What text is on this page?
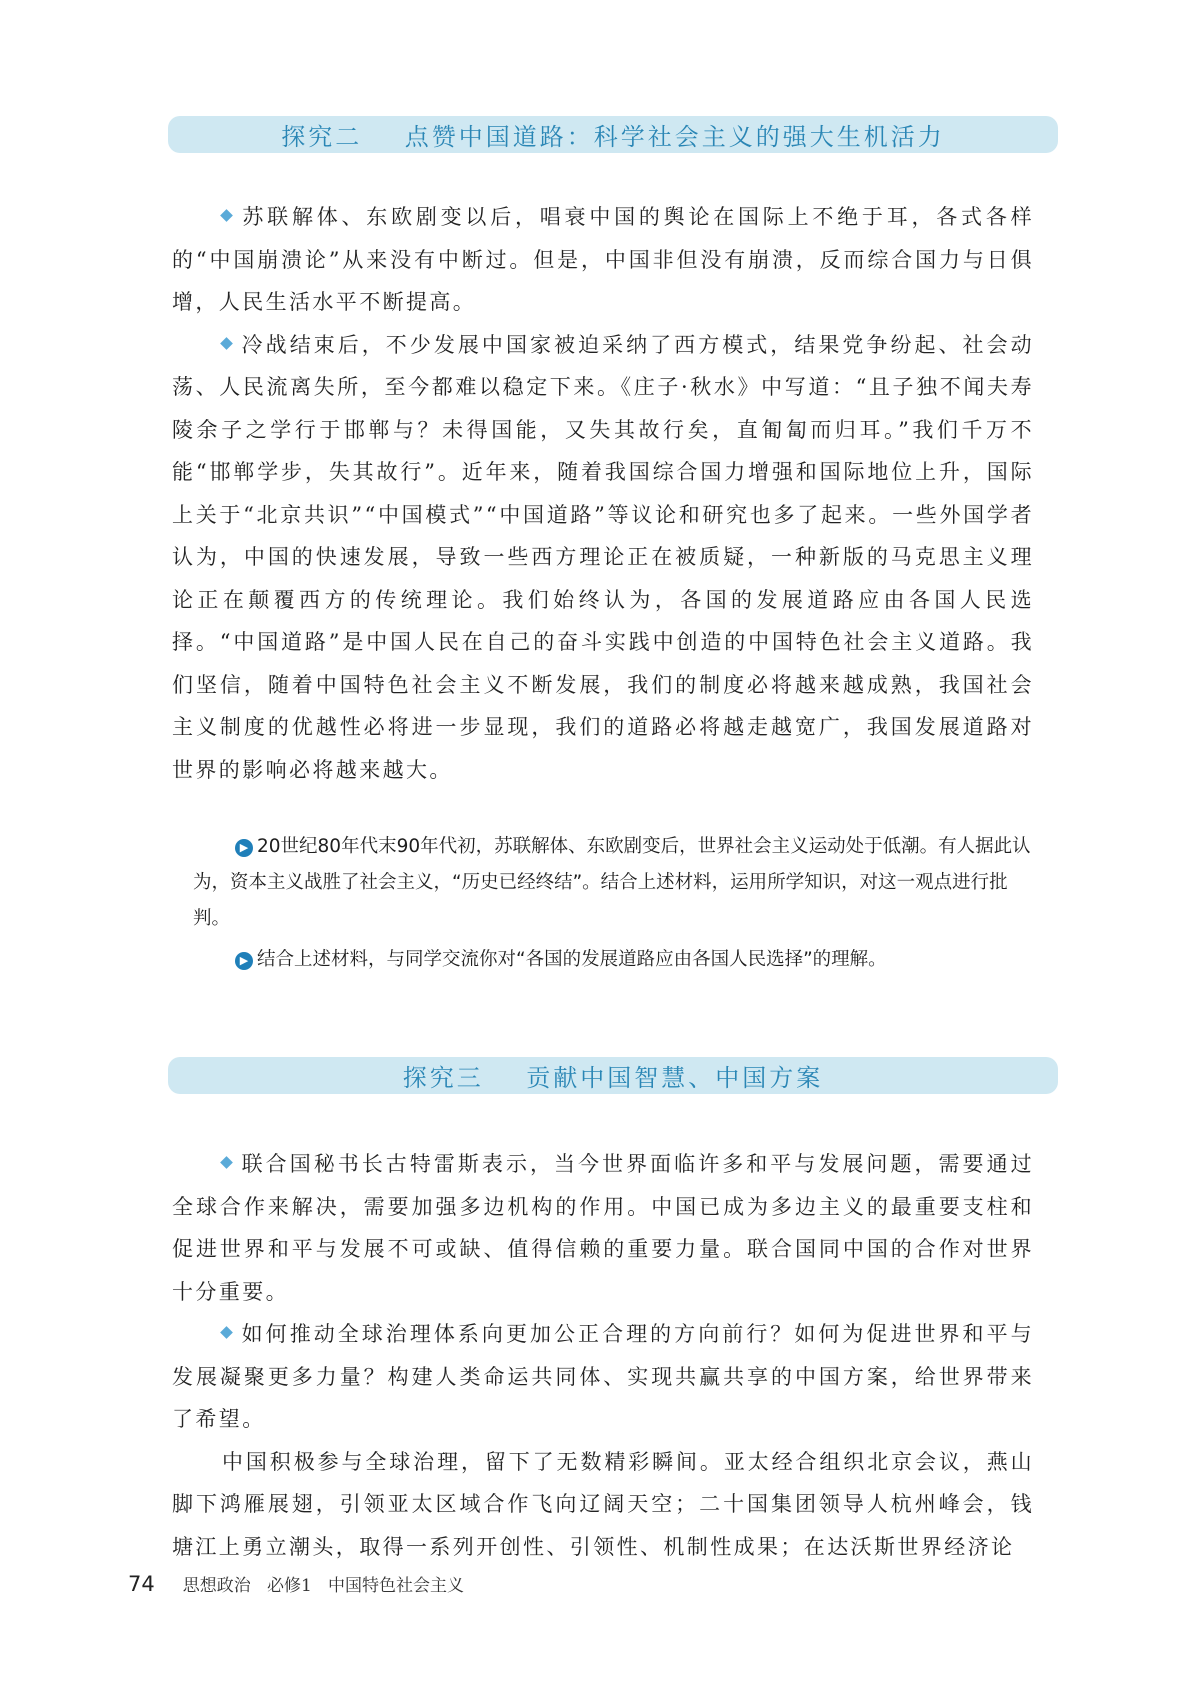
探究二    点赞中国道路：科学社会主义的强大生机活力

苏联解体、东欧剧变以后，唱衰中国的舆论在国际上不绝于耳，各式各样的“中国崩溃论”从来没有中断过。但是，中国非但没有崩溃，反而综合国力与日俱增，人民生活水平不断提高。

冷战结束后，不少发展中国家被迫采纳了西方模式，结果党争纷起、社会动荡、人民流离失所，至今都难以稳定下来。《庄子·秋水》中写道：“且子独不闻夫寿陵余子之学行于邯郸与？未得国能，又失其故行矣，直匍匐而归耳。”我们千万不能“邯郸学步，失其故行”。近年来，随着我国综合国力增强和国际地位上升，国际上关于“北京共识”“中国模式”“中国道路”等议论和研究也多了起来。一些外国学者认为，中国的快速发展，导致一些西方理论正在被质疑，一种新版的马克思主义理论正在颠覆西方的传统理论。我们始终认为，各国的发展道路应由各国人民选择。“中国道路”是中国人民在自己的奋斗实践中创造的中国特色社会主义道路。我们坚信，随着中国特色社会主义不断发展，我们的制度必将越来越成熟，我国社会主义制度的优越性必将进一步显现，我们的道路必将越走越宽广，我国发展道路对世界的影响必将越来越大。

▶ 20世纪80年代末90年代初，苏联解体、东欧剧变后，世界社会主义运动处于低潮。有人据此认为，资本主义战胜了社会主义，“历史已经终结”。结合上述材料，运用所学知识，对这一观点进行批判。

▶ 结合上述材料，与同学交流你对“各国的发展道路应由各国人民选择”的理解。

探究三    贡献中国智慧、中国方案

联合国秘书长古特雷斯表示，当今世界面临许多和平与发展问题，需要通过全球合作来解决，需要加强多边机构的作用。中国已成为多边主义的最重要支柱和促进世界和平与发展不可或缺、值得信赖的重要力量。联合国同中国的合作对世界十分重要。

如何推动全球治理体系向更加公正合理的方向前行？如何为促进世界和平与发展凝聚更多力量？构建人类命运共同体、实现共赢共享的中国方案，给世界带来了希望。

中国积极参与全球治理，留下了无数精彩瞬间。亚太经合组织北京会议，燕山脚下鸿雁展翅，引领亚太区域合作飞向辽阔天空；二十国集团领导人杭州峰会，钱塘江上勇立潮头，取得一系列开创性、引领性、机制性成果；在达沃斯世界经济论

74 思想政治   必修1   中国特色社会主义
